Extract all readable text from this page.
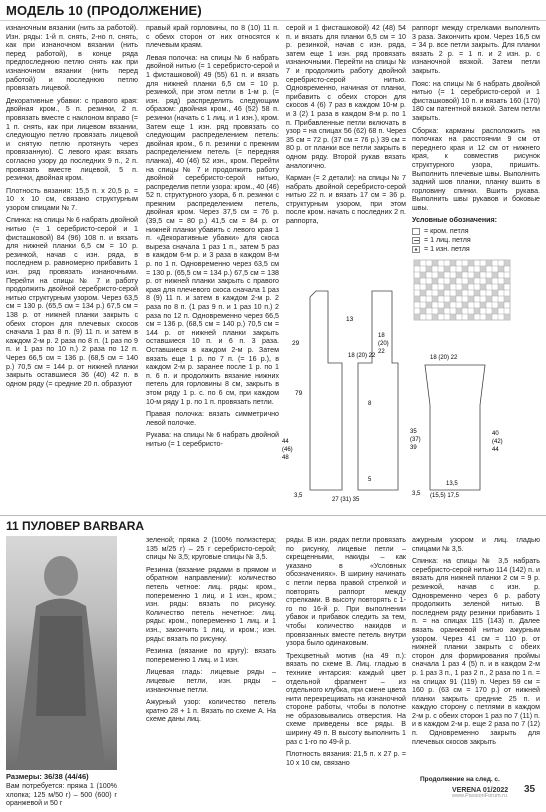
МОДЕЛЬ 10 (ПРОДОЛЖЕНИЕ)

изнаночным вязании (нить за работой). Изн. ряды: 1-й п. снять, 2-но п. снять, как при изнаночном вязании (нить перед работой), в конце ряда предпоследнюю петлю снять как при изнаночном вязании (нить перед работой) и последнюю петлю провязать лицевой.

Декоративные убавки: с правого края: двойная кром., 5 п. резинки, 2 п. провязать вместе с наклоном вправо (= 1 п. снять, как при лицевом вязании, следующую петлю провязать лицевой и снятую петлю протянуть через провязанную). С левого края: вязать согласно узору до последних 9 п., 2 п. провязать вместе лицевой, 5 п. резинки, двойная кром.

Плотность вязания: 15,5 п. x 20,5 р. = 10 x 10 см, связано структурным узором спицами № 7.

Спинка: на спицы № 6 набрать двойной нитью (= 1 серебристо-серой и 1 фисташковой) 84 (96) 108 п. и вязать для нижней планки 6,5 см = 10 р. резинкой, начав с изн. ряда, в последнем р. равномерно прибавить 1 изн. ряд провязать изнаночными. Перейти на спицы № 7 и работу продолжить двойной серебристо-серой нитью структурным узором. Через 63,5 см = 130 р. (65,5 см = 134 р.) 67,5 см = 138 р. от нижней планки закрыть с обеих сторон для плечевых скосов сначала 1 раз 8 п. (9) 11 п. и затем в каждом 2-м р. 2 раза по 8 п. (1 раз по 9 п. и 1 раз по 10 п.) 2 раза по 12 п. Через 66,5 см = 136 р. (68,5 см = 140 р.) 70,5 см = 144 р. от нижней планки закрыть оставшиеся 36 (40) 42 п. в одном ряду (= средние 20 п. образуют

правый край горловины, по 8 (10) 11 п. с обеих сторон от них относятся к плечевым краям.

Левая полочка: на спицы № 6 набрать двойной нитью (= 1 серебристо-серой и 1 фисташковой) 49 (55) 61 п. и вязать для нижней планки 6,5 см = 10 р. резинкой, при этом петли в 1-м р. (= изн. ряд) распределить следующим образом: двойная кром., 46 (52) 58 п. резинки (начать с 1 лиц. и 1 изн.), кром. Затем еще 1 изн. ряд провязать со следующим распределением петель: двойная кром., 6 п. резинки с прежним распределением петель (= передняя планка), 40 (46) 52 изн., кром. Перейти на спицы № 7 и продолжить работу двойной серебристо-серой нитью, распределив петли узора: кром., 40 (46) 52 п. структурного узора, 6 п. резинки с прежним распределением петель, двойная кром. Через 37,5 см = 76 р. (39,5 см = 80 р.) 41,5 см = 84 р. от нижней планки убавить с левого края 1 п. «Декоративные убавки» для скоса выреза сначала 1 раз 1 п., затем 5 раз в каждом 6-м р. и 3 раза в каждом 8-м р. по 1 п. Одновременно через 63,5 см = 130 р. (65,5 см = 134 р.) 67,5 см = 138 р. от нижней планки закрыть с правого края для плечевого скоса сначала 1 раз 8 (9) 11 п. и затем в каждом 2-м р. 2 раза по 8 п. (1 раз 9 п. и 1 раз 10 п.) 2 раза по 12 п. Одновременно через 66,5 см = 136 р. (68,5 см = 140 р.) 70,5 см = 144 р. от нижней планки закрыть оставшиеся 10 п. и 6 п. 3 раза. Оставшиеся в каждом 2-м р. Затем вязать еще 1 р. по 7 п. (= 16 р.), в каждом 2-м р. заранее после 1 р. по 1 п. 6 п. и продолжить вязание нижних петель для горловины 8 см, закрыть в этом ряду 1 р. с. по 6 см, при каждом 10-м ряду 1 р. по 1 п. провязать петли.

Правая полочка: вязать симметрично левой полочке.

Рукава: на спицы № 6 набрать двойной нитью (= 1 серебристо-

серой и 1 фисташковой) 42 (48) 54 п. и вязать для планки 6,5 см = 10 р. резинкой, начав с изн. ряда, затем еще 1 изн. ряд провязать изнаночными. Перейти на спицы № 7 и продолжить работу двойной серебристо-серой нитью. Одновременно, начиная от планки, прибавить с обеих сторон для скосов 4 (6) 7 раз в каждом 10-м р. и 3 (2) 1 раза в каждом 8-м р. по 1 п. Прибавленные петли включать в узор = на спицах 56 (62) 68 п. Через 35 см = 72 р. (37 см = 76 р.) 39 см = 80 р. от планки все петли закрыть в одном ряду. Второй рукав вязать аналогично.

Карман (= 2 детали): на спицы № 7 набрать двойной серебристо-серой нитью 22 п. и вязать 17 см = 36 р. структурным узором, при этом после кром. начать с последних 2 п. раппорта,

раппорт между стрелками выполнить 3 раза. Закончить кром. Через 16,5 см = 34 р. все петли закрыть. Для планки вязать 2 р. = 1 п. и 2 изн. р. с изнаночной вязкой. Затем петли закрыть.

Пояс: на спицы № 6 набрать двойной нитью (= 1 серебристо-серой и 1 фисташковой) 10 п. и вязать 160 (170) 180 см патентной вязкой. Затем петли закрыть.

Сборка: карманы расположить на полочках на расстоянии 9 см от переднего края и 12 см от нижнего края, к совместив рисунок структурного узора, пришить. Выполнить плечевые швы. Выполнить задний шов планки, планку вшить в горловину спинки. Вшить рукава. Выполнить швы рукавов и боковые швы.

Условные обозначения:
= кром. петля
= 1 лиц. петля
= 1 изн. петля
29
79
13
18 (20) 22
18
(20)
22
44
(46)
48
27 (31) 35
3,5
18 (20) 22
3,5
35
(37)
39
40
(42)
44
13,5
(15,5) 17,5
8
5
11 ПУЛОВЕР BARBARA
Размеры: 36/38 (44/46)

Вам потребуется: пряжа 1 (100% хлопка; 125 м/50 г) – 500 (600) г оранжевой и 50 г

зеленой; пряжа 2 (100% полиэстера; 135 м/25 г) – 25 г серебристо-серой; спицы № 3,5; круговые спицы № 3,5.

Резинка (вязание рядами в прямом и обратном направлении): количество петель четное: лиц. ряды: кром., попеременно 1 лиц. и 1 изн., кром.; изн. ряды: вязать по рисунку. Количество петель нечетное: лиц. ряды: кром., попеременно 1 лиц. и 1 изн., закончить 1 лиц. и кром.; изн. ряды: вязать по рисунку.

Резинка (вязание по кругу): вязать попеременно 1 лиц. и 1 изн.

Лицевая гладь: лицевые ряды – лицевые петли, изн. ряды – изнаночные петли.

Ажурный узор: количество петель кратно 28 + 1 п. Вязать по схеме А. На схеме даны лиц.

ряды. В изн. рядах петли провязать по рисунку, лицевые петли – скрещенными, накиды – как указано в «Условных обозначениях». В ширину начинать с петли перва правой стрелкой и повторять раппорт между стрелками. В высоту повторять с 1-го по 16-й р. При выполнении убавок и прибавок следить за тем, чтобы количество накидов и провязанных вместе петель внутри узора было одинаковым.

Трехцветный мотив (на 49 п.): вязать по схеме В. Лиц. гладью в технике интарсия: каждый цвет отдельной фрагмент – из отдельного клубка, при смене цвета нити перекрещивать на изнаночной стороне работы, чтобы в полотне не образовывались отверстия. На схеме приведены все ряды. В ширину 49 п. В высоту выполнить 1 раз с 1-го по 49-й р.

Плотность вязания: 21,5 п. x 27 р. = 10 x 10 см, связано

ажурным узором и лиц. гладью спицами № 3,5.

Спинка: на спицы № 3,5 набрать серебристо-серой нитью 114 (142) п. и вязать для нижней планки 2 см = 9 р. резинкой, начав с изн. р. Одновременно через 6 р. работу продолжить зеленой нитью. В последнем ряду резинки прибавить 1 п. = на спицах 115 (143) п. Далее вязать оранжевой нитью ажурным узором. Через 41 см = 110 р. от нижней планки закрыть с обеих сторон для формирования проймы сначала 1 раз 4 (5) п. и в каждом 2-м р. 1 раз 3 п., 1 раз 2 п., 2 раза по 1 п. = на спицах 91 (119) п. Через 59 см = 160 р. (63 см = 170 р.) от нижней планки закрыть средние 25 п. и каждую сторону с петлями в каждом 2-м р. с обеих сторон 1 раз по 7 (11) п. и в каждом 2-м р. еще 2 раза по 7 (12) п. Одновременно закрыть для плечевых скосов закрыть

Продолжение на след. с.
VERENA 01/2022 35
www.PassionForum.ru
